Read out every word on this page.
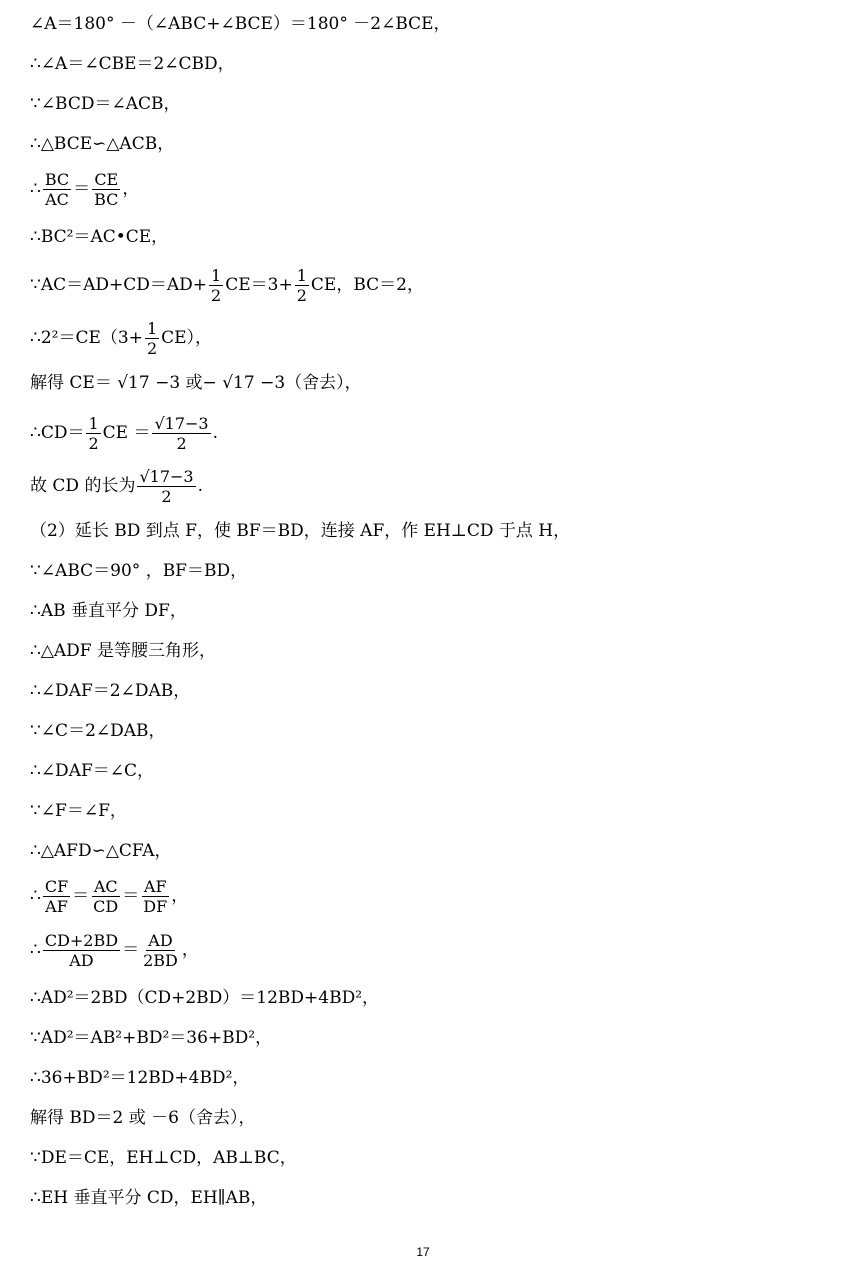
∠A＝180° －（∠ABC+∠BCE）＝180° －2∠BCE，
∴∠A＝∠CBE＝2∠CBD，
∵∠BCD＝∠ACB，
∴△BCE∽△ACB，
∴ $\frac{BC}{AC} = \frac{CE}{BC}$ ，
∴BC²＝AC•CE，
∵AC＝AD+CD＝AD+ $\frac{1}{2} CE=3+ \frac{1}{2}$ CE，BC＝2，
∴2²＝CE（3+ $\frac{1}{2} CE$），
解得 CE＝ √17 −3 或− √17 −3（舍去），
∴CD＝ $\frac{1}{2}$ CE ＝ $\frac{√17-3}{2}$ .
故 CD 的长为 $\frac{√17-3}{2}$ .
（2）延长 BD 到点 F，使 BF＝BD，连接 AF，作 EH⊥CD 于点 H，
∵∠ABC＝90° ，BF＝BD，
∴AB 垂直平分 DF，
∴△ADF 是等腰三角形，
∴∠DAF＝2∠DAB，
∵∠C＝2∠DAB，
∴∠DAF＝∠C，
∵∠F＝∠F，
∴△AFD∽△CFA，
∴ $\frac{CF}{AF} = \frac{AC}{CD} = \frac{AF}{DF}$ ，
∴ $\frac{CD+2BD}{AD} = \frac{AD}{2BD}$ ，
∴AD²＝2BD（CD+2BD）＝12BD+4BD²，
∵AD²＝AB²+BD²＝36+BD²，
∴36+BD²＝12BD+4BD²，
解得 BD＝2 或 －6（舍去），
∵DE＝CE，EH⊥CD，AB⊥BC，
∴EH 垂直平分 CD，EH∥AB，
17
